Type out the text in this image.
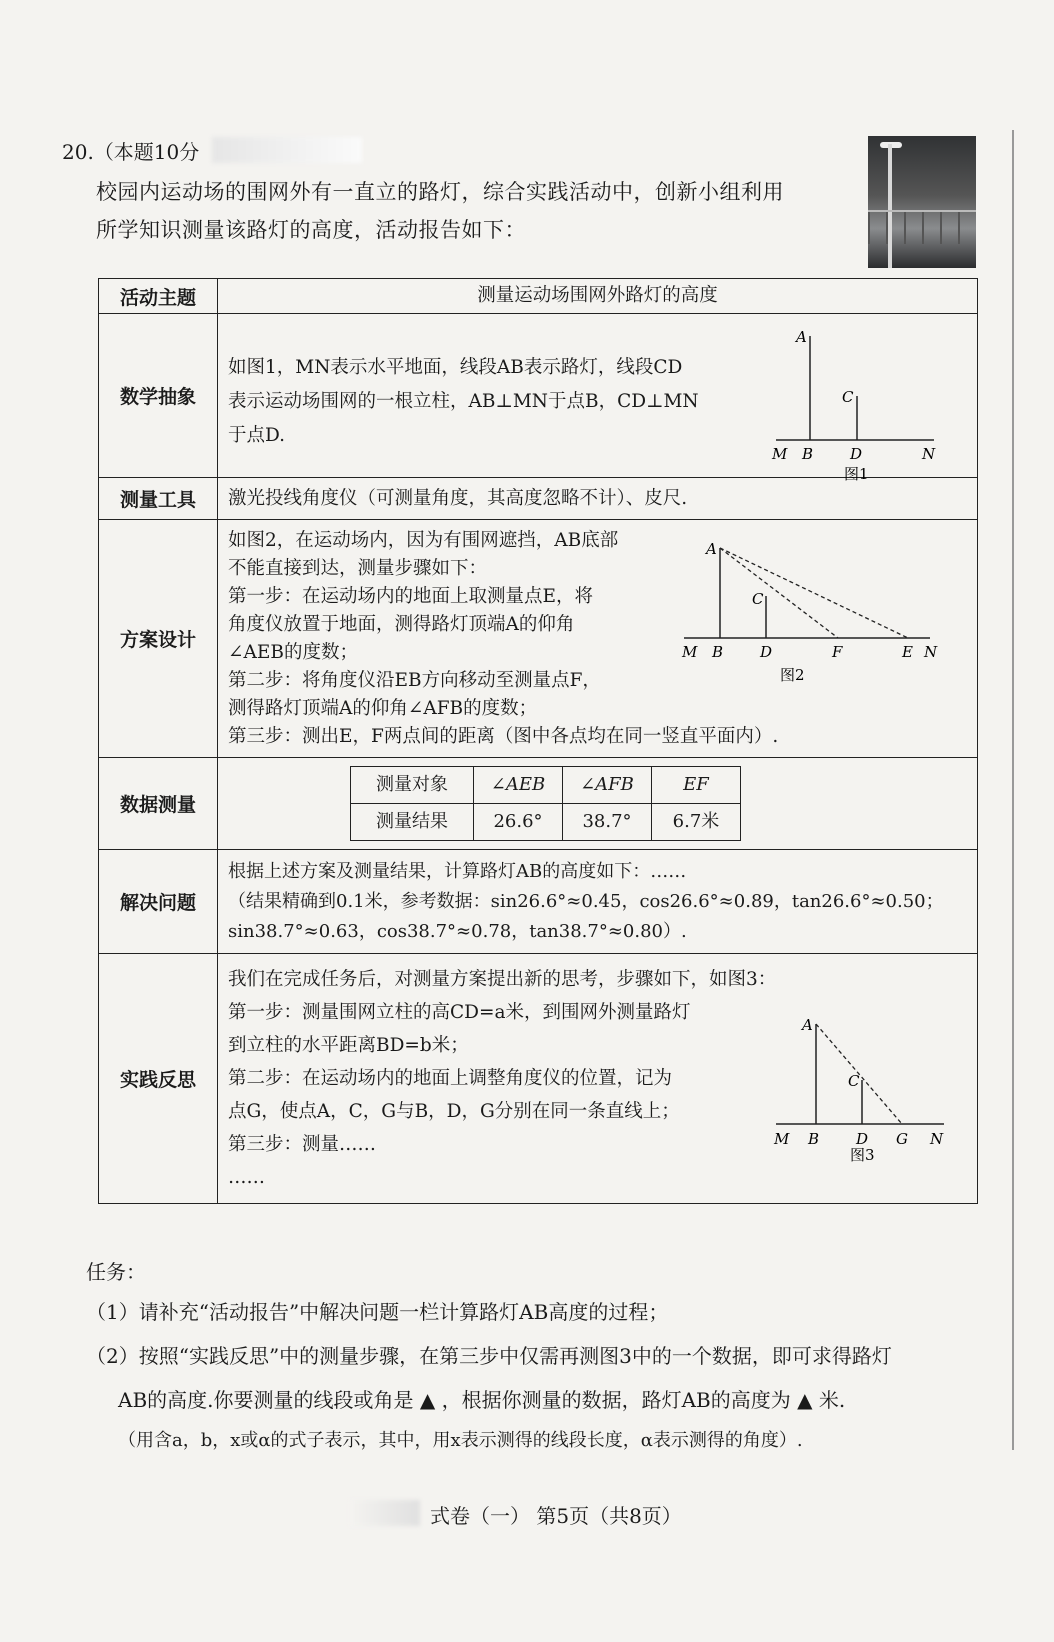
20.（本题10分
校园内运动场的围网外有一直立的路灯，综合实践活动中，创新小组利用
所学知识测量该路灯的高度，活动报告如下：
活动主题	测量运动场围网外路灯的高度
数学抽象	
如图1，MN表示水平地面，线段AB表示路灯，线段CD
表示运动场围网的一根立柱，AB⊥MN于点B，CD⊥MN
于点D.
A
C
M B D	N
图1

测量工具	激光投线角度仪（可测量角度，其高度忽略不计）、皮尺.

方案设计	
如图2，在运动场内，因为有围网遮挡，AB底部
不能直接到达，测量步骤如下：
第一步：在运动场内的地面上取测量点E，将
角度仪放置于地面，测得路灯顶端A的仰角
∠AEB的度数；
第二步：将角度仪沿EB方向移动至测量点F，
测得路灯顶端A的仰角∠AFB的度数；
第三步：测出E，F两点间的距离（图中各点均在同一竖直平面内）.
A
C
M B D	F	E N
图2

数据测量	
测量对象	∠AEB	∠AFB	EF
测量结果	26.6°	38.7°	6.7米

解决问题	
根据上述方案及测量结果，计算路灯AB的高度如下：……
（结果精确到0.1米，参考数据：sin26.6°≈0.45，cos26.6°≈0.89，tan26.6°≈0.50；
sin38.7°≈0.63，cos38.7°≈0.78，tan38.7°≈0.80）.

实践反思	
我们在完成任务后，对测量方案提出新的思考，步骤如下，如图3：
第一步：测量围网立柱的高CD=a米，到围网外测量路灯
到立柱的水平距离BD=b米；
第二步：在运动场内的地面上调整角度仪的位置，记为
点G，使点A，C，G与B，D，G分别在同一条直线上；
第三步：测量……
……
A
C
M B D G N
图3
任务：
（1）请补充“活动报告”中解决问题一栏计算路灯AB高度的过程；
（2）按照“实践反思”中的测量步骤，在第三步中仅需再测图3中的一个数据，即可求得路灯
AB的高度.你要测量的线段或角是 ▲ ，根据你测量的数据，路灯AB的高度为 ▲ 米.
（用含a，b，x或α的式子表示，其中，用x表示测得的线段长度，α表示测得的角度）.
式卷（一） 第5页（共8页）
